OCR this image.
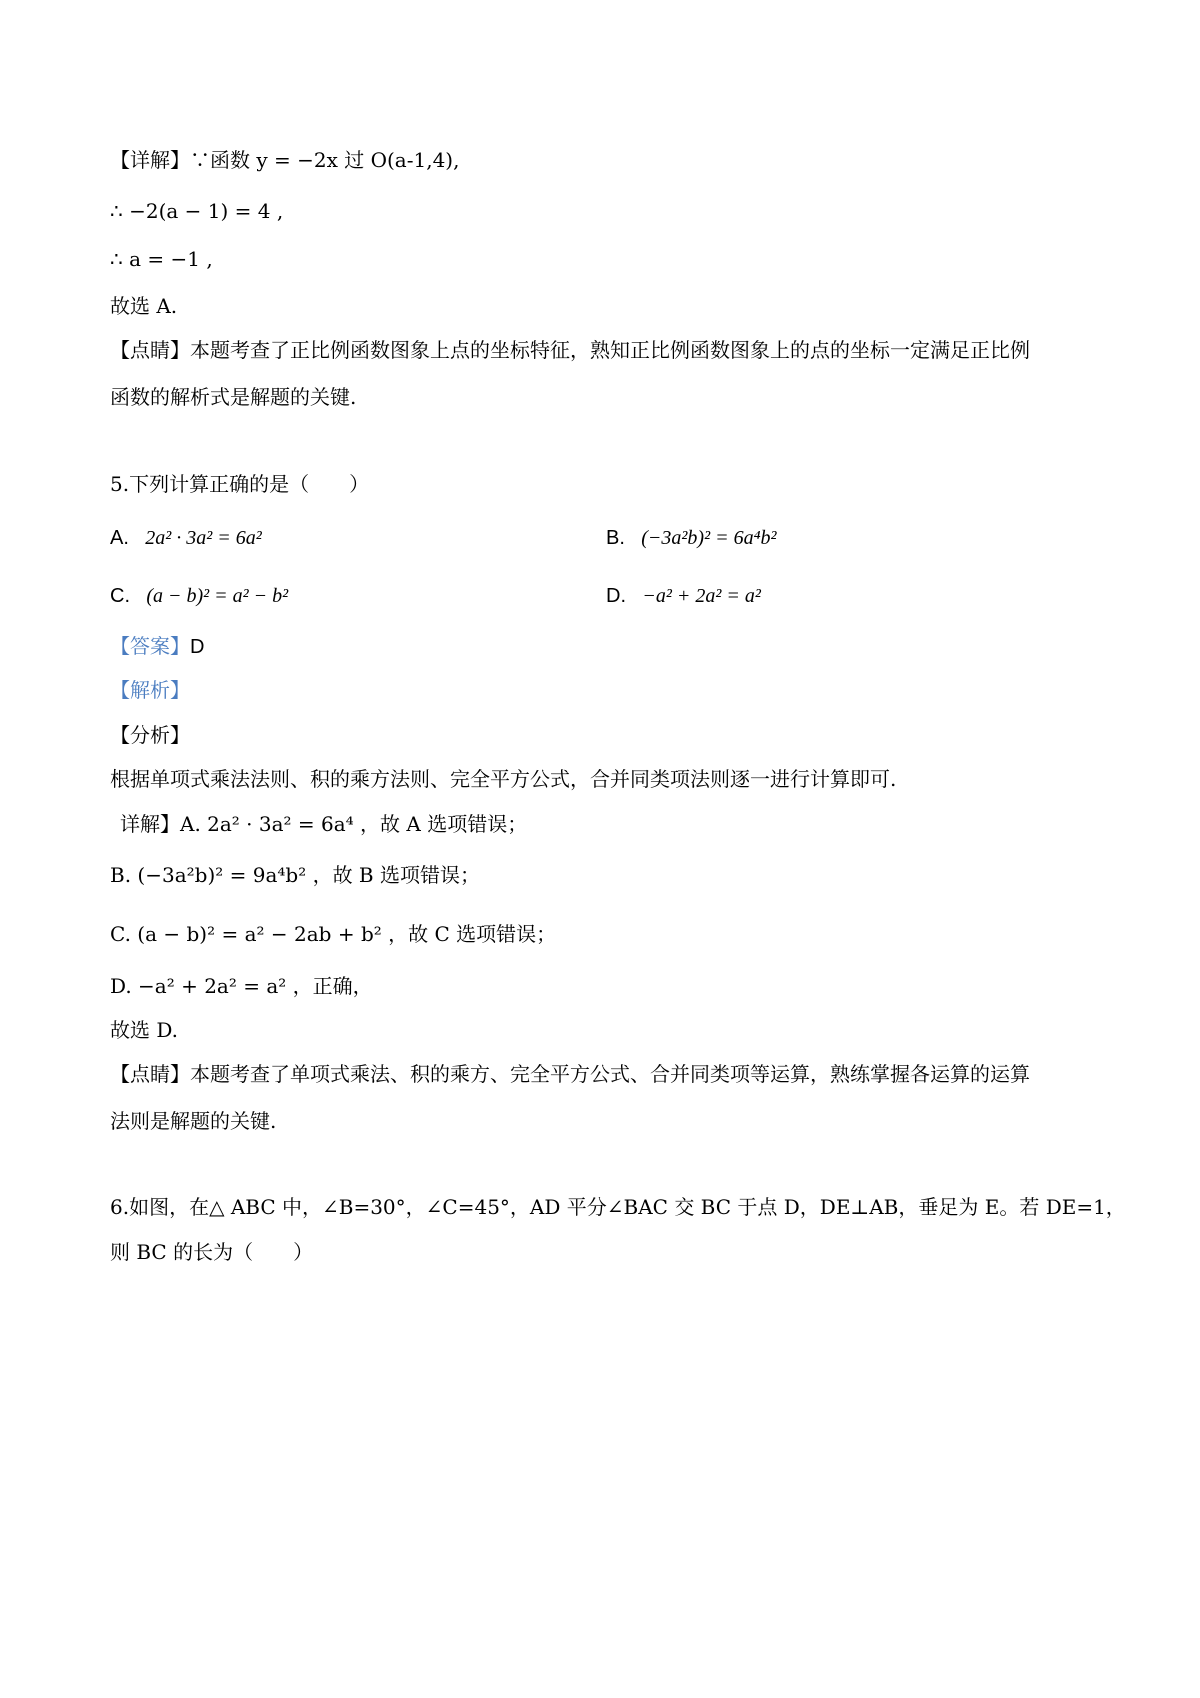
【详解】∵函数 y = −2x 过 O(a-1,4),
∴ −2(a − 1) = 4 ,
∴ a = −1 ,
故选 A.
【点睛】本题考查了正比例函数图象上点的坐标特征，熟知正比例函数图象上的点的坐标一定满足正比例
函数的解析式是解题的关键.
5.下列计算正确的是（　　）
A. 2a² · 3a² = 6a²	B. (−3a²b)² = 6a⁴b²
C. (a − b)² = a² − b²	D. −a² + 2a² = a²
【答案】D
【解析】
【分析】
根据单项式乘法法则、积的乘方法则、完全平方公式，合并同类项法则逐一进行计算即可.
详解】A. 2a² · 3a² = 6a⁴ ，故 A 选项错误；
B. (−3a²b)² = 9a⁴b² ，故 B 选项错误；
C. (a − b)² = a² − 2ab + b² ，故 C 选项错误；
D. −a² + 2a² = a² ，正确，
故选 D.
【点睛】本题考查了单项式乘法、积的乘方、完全平方公式、合并同类项等运算，熟练掌握各运算的运算
法则是解题的关键.
6.如图，在△ ABC 中，∠B=30°，∠C=45°，AD 平分∠BAC 交 BC 于点 D，DE⊥AB，垂足为 E。若 DE=1，
则 BC 的长为（　　）
